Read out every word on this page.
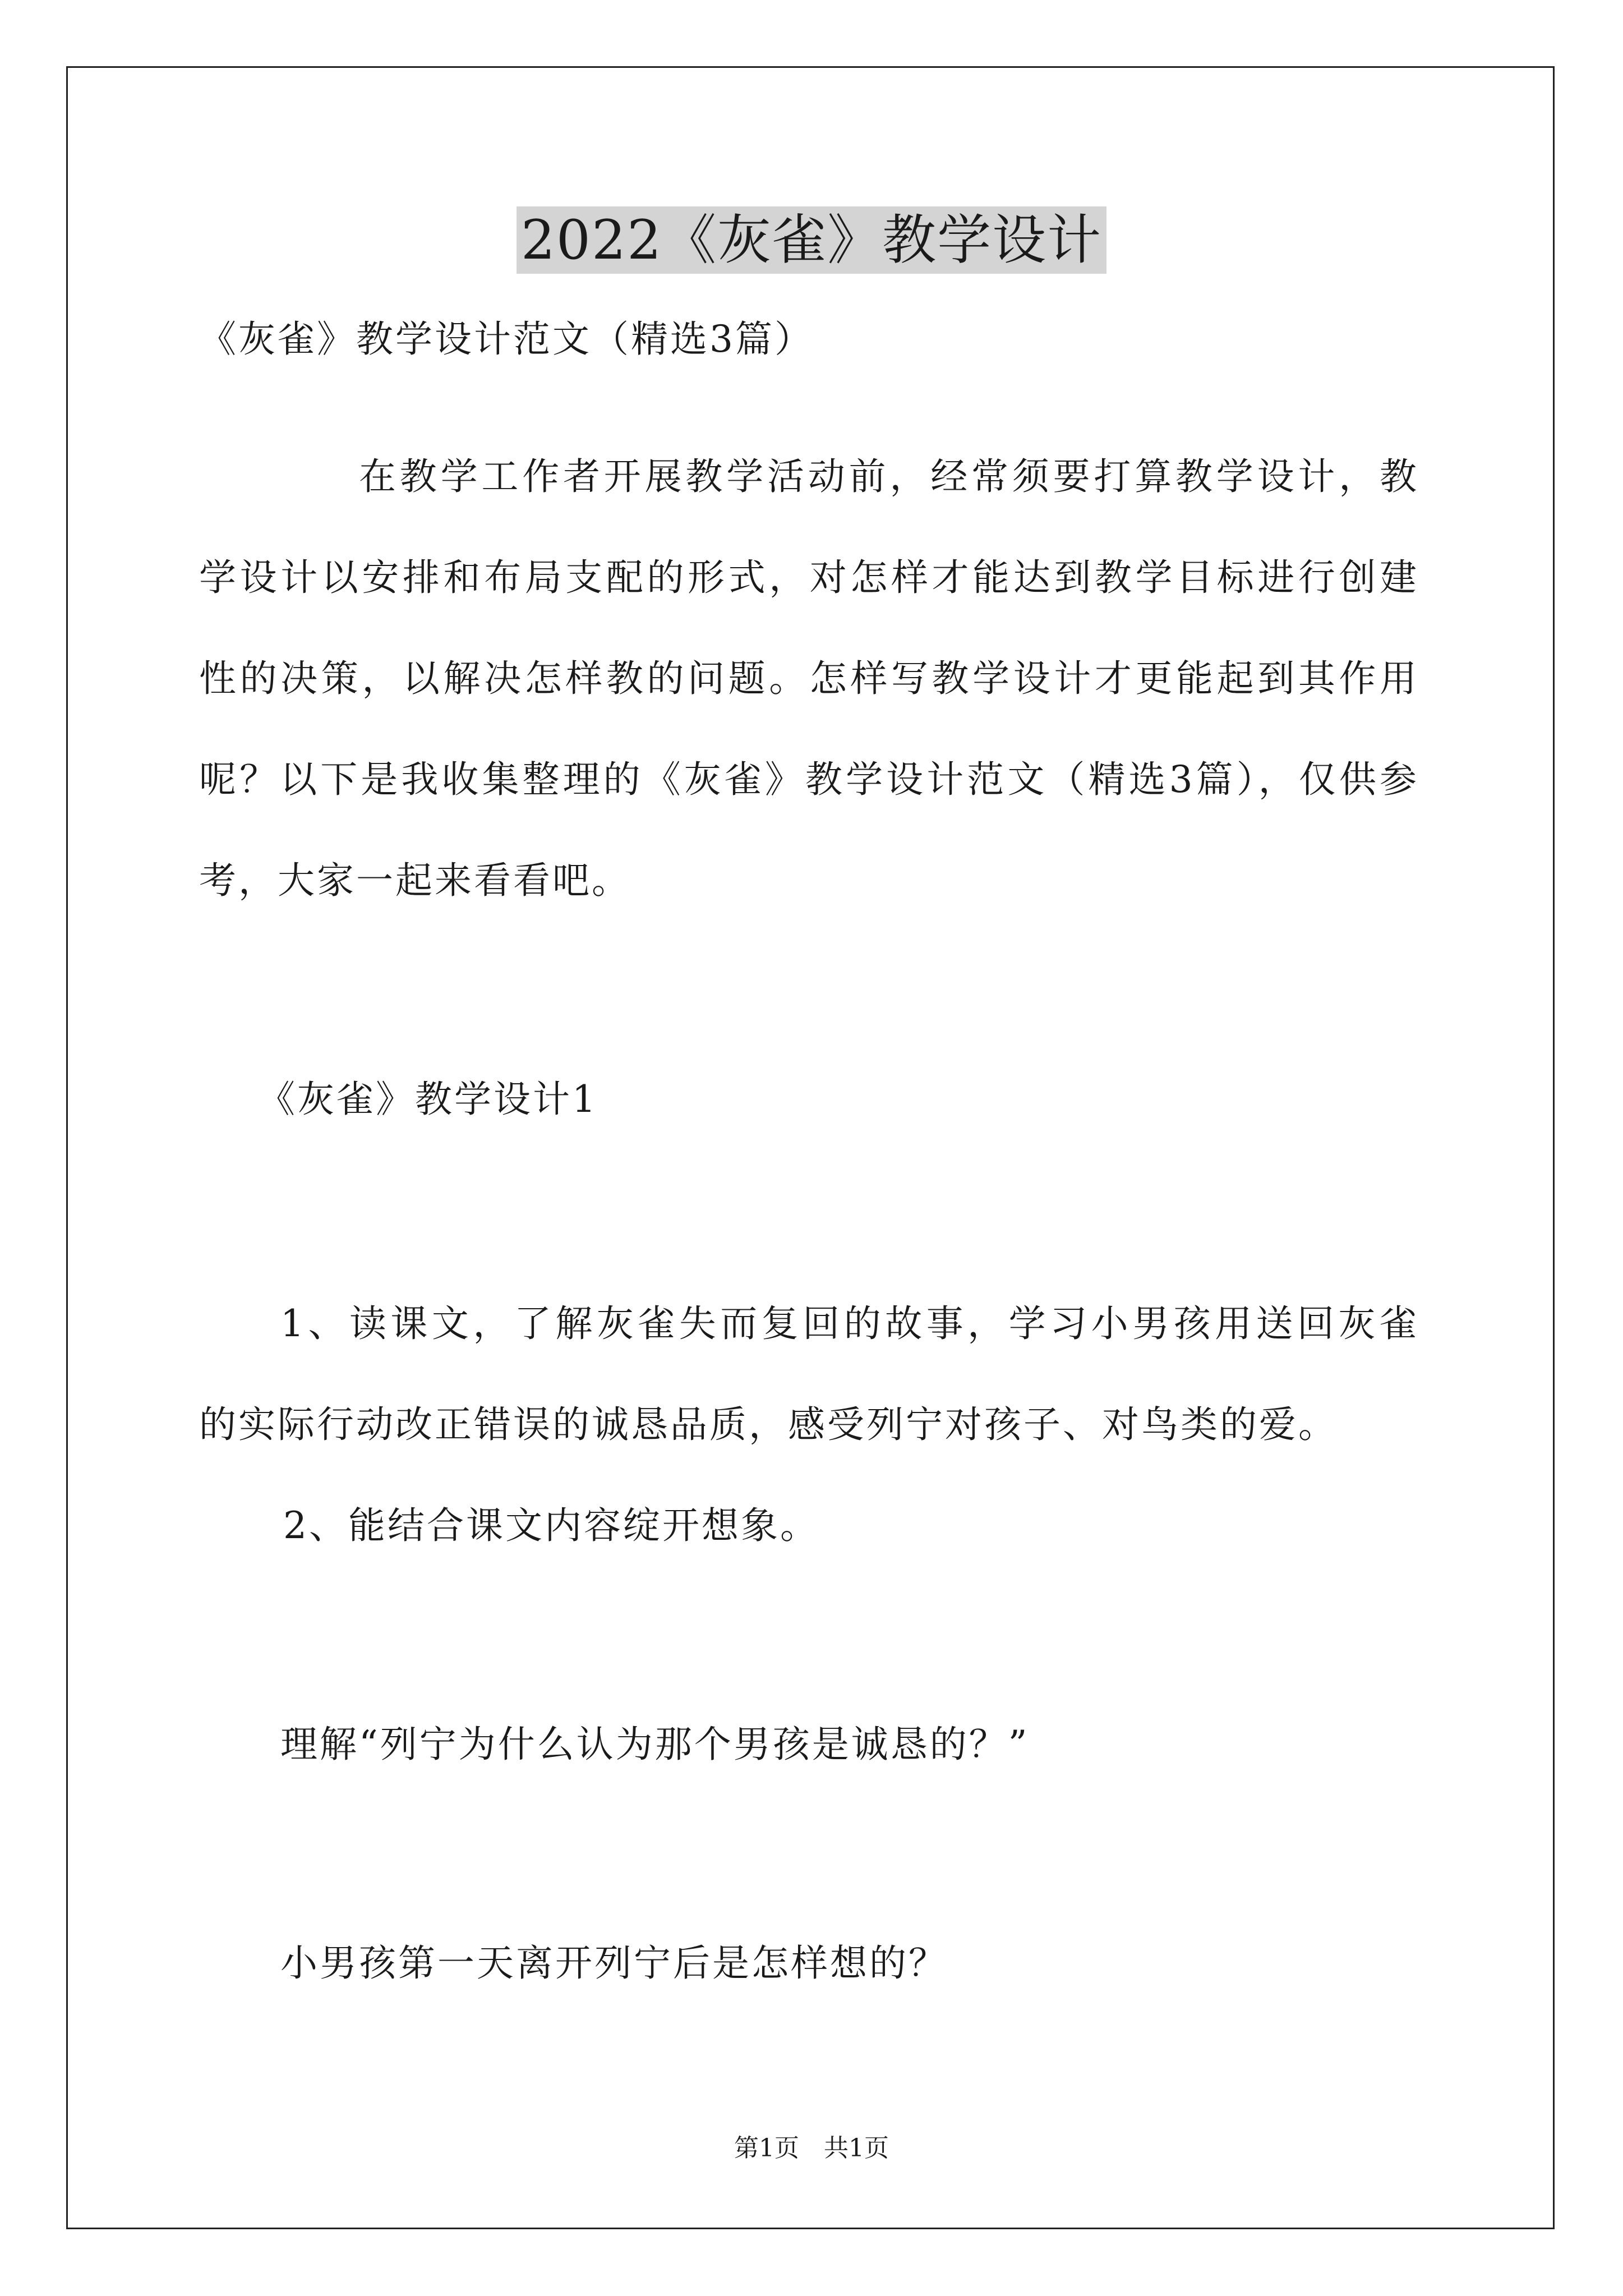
2022《灰雀》教学设计
《灰雀》教学设计范文（精选3篇）
在教学工作者开展教学活动前，经常须要打算教学设计，教
学设计以安排和布局支配的形式，对怎样才能达到教学目标进行创建
性的决策，以解决怎样教的问题。怎样写教学设计才更能起到其作用
呢？以下是我收集整理的《灰雀》教学设计范文（精选3篇），仅供参
考，大家一起来看看吧。
《灰雀》教学设计1
1、读课文，了解灰雀失而复回的故事，学习小男孩用送回灰雀
的实际行动改正错误的诚恳品质，感受列宁对孩子、对鸟类的爱。
2、能结合课文内容绽开想象。
理解“列宁为什么认为那个男孩是诚恳的？”
小男孩第一天离开列宁后是怎样想的？
第1页　共1页
